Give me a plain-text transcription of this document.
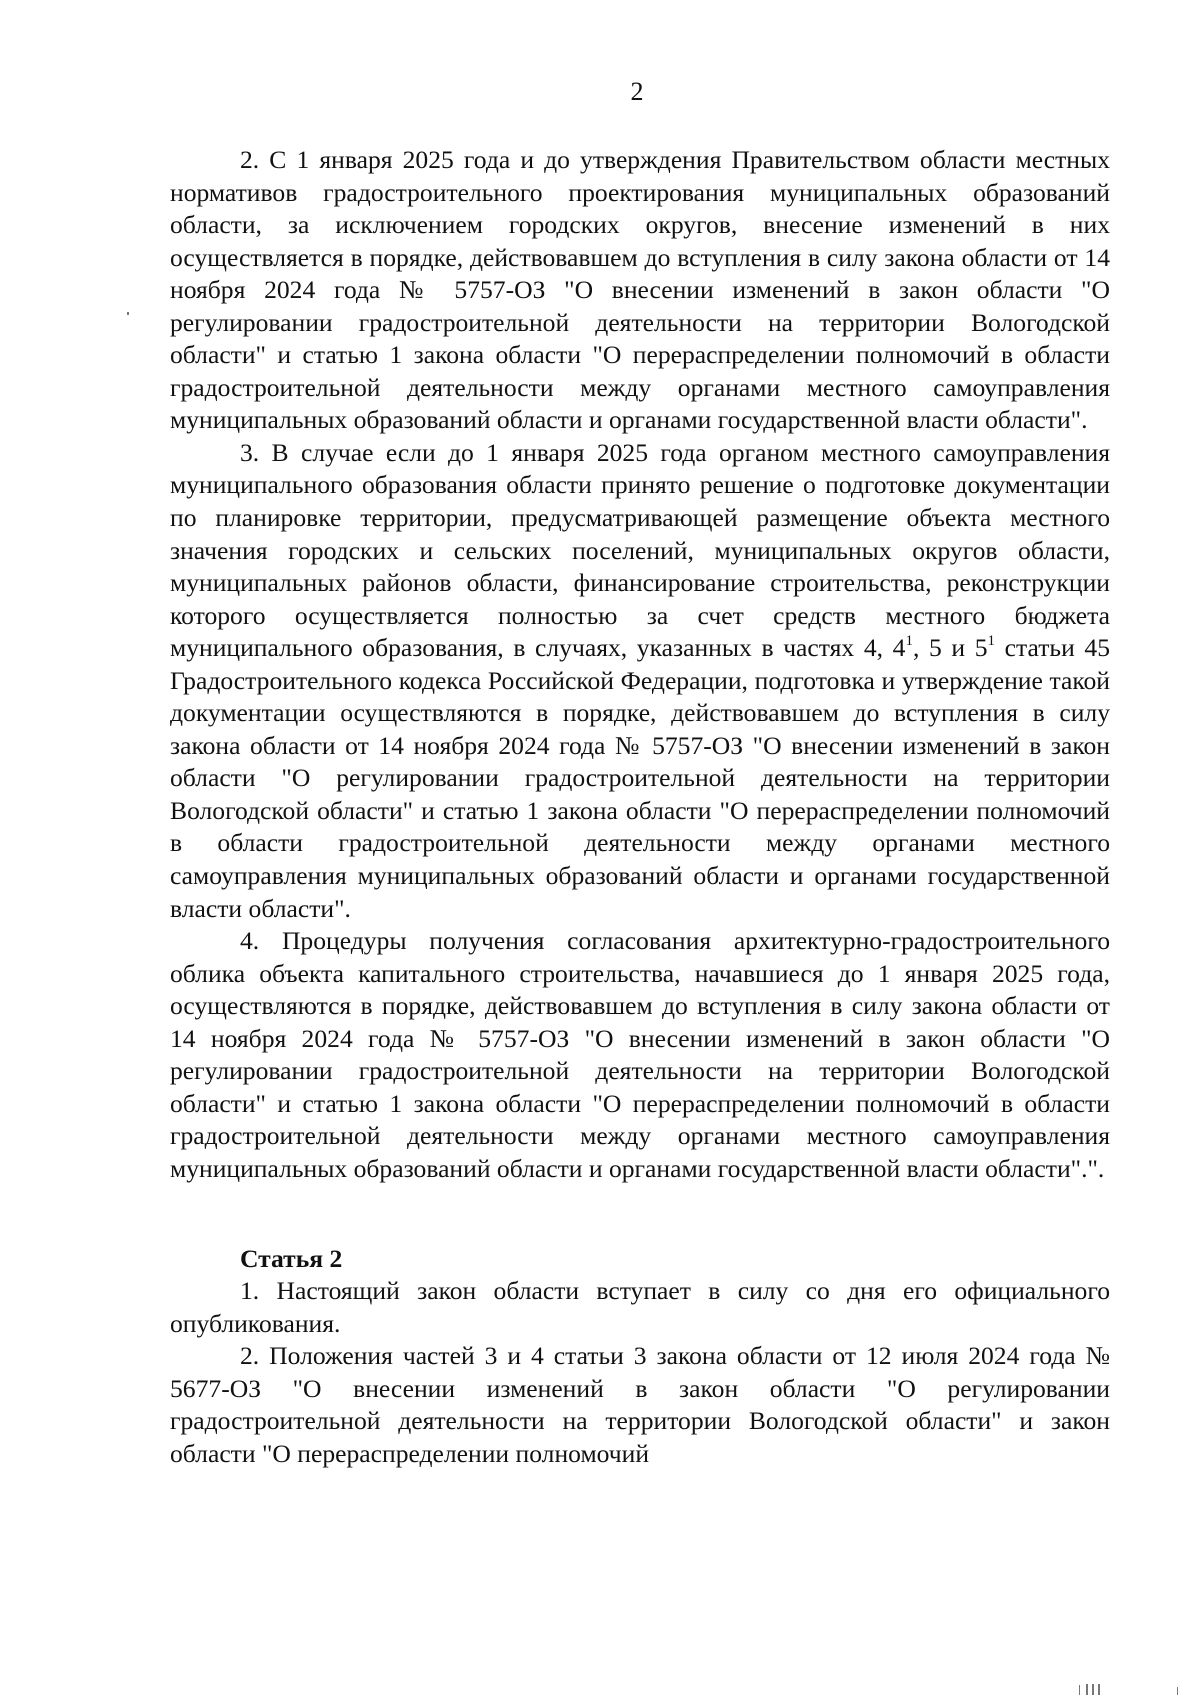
2

2. С 1 января 2025 года и до утверждения Правительством области местных нормативов градостроительного проектирования муниципальных образований области, за исключением городских округов, внесение изменений в них осуществляется в порядке, действовавшем до вступления в силу закона области от 14 ноября 2024 года № 5757-ОЗ "О внесении изменений в закон области "О регулировании градостроительной деятельности на территории Вологодской области" и статью 1 закона области "О перераспределении полномочий в области градостроительной деятельности между органами местного самоуправления муниципальных образований области и органами государственной власти области".

3. В случае если до 1 января 2025 года органом местного самоуправления муниципального образования области принято решение о подготовке документации по планировке территории, предусматривающей размещение объекта местного значения городских и сельских поселений, муниципальных округов области, муниципальных районов области, финансирование строительства, реконструкции которого осуществляется полностью за счет средств местного бюджета муниципального образования, в случаях, указанных в частях 4, $4^1$, 5 и $5^1$ статьи 45 Градостроительного кодекса Российской Федерации, подготовка и утверждение такой документации осуществляются в порядке, действовавшем до вступления в силу закона области от 14 ноября 2024 года № 5757-ОЗ "О внесении изменений в закон области "О регулировании градостроительной деятельности на территории Вологодской области" и статью 1 закона области "О перераспределении полномочий в области градостроительной деятельности между органами местного самоуправления муниципальных образований области и органами государственной власти области".

4. Процедуры получения согласования архитектурно-градостроительного облика объекта капитального строительства, начавшиеся до 1 января 2025 года, осуществляются в порядке, действовавшем до вступления в силу закона области от 14 ноября 2024 года № 5757-ОЗ "О внесении изменений в закон области "О регулировании градостроительной деятельности на территории Вологодской области" и статью 1 закона области "О перераспределении полномочий в области градостроительной деятельности между органами местного самоуправления муниципальных образований области и органами государственной власти области".".

Статья 2

1. Настоящий закон области вступает в силу со дня его официального опубликования.

2. Положения частей 3 и 4 статьи 3 закона области от 12 июля 2024 года № 5677-ОЗ "О внесении изменений в закон области "О регулировании градостроительной деятельности на территории Вологодской области" и закон области "О перераспределении полномочий
